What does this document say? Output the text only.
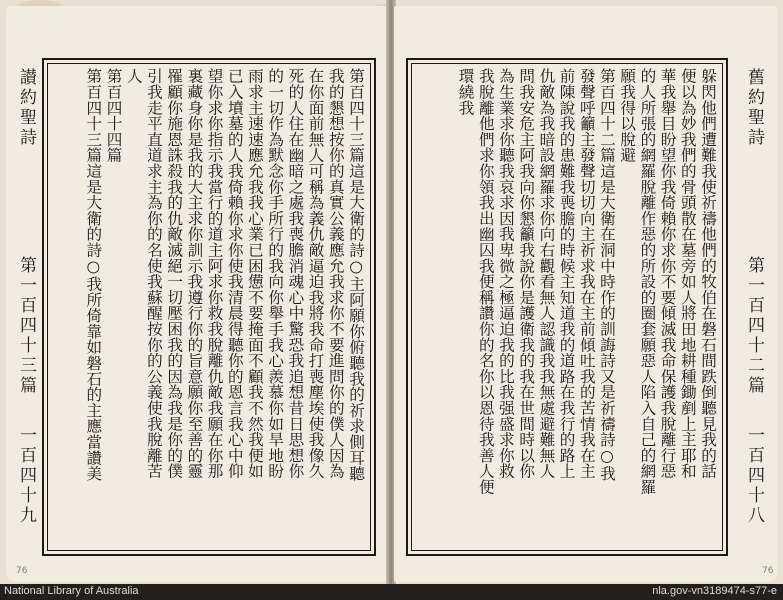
讃約聖詩
第一百四十三篇
一百四十九	第百四十三篇這是大衛的詩○主阿願你俯聽我的祈求側耳聽
我的懇想按你的真實公義應允我求你不要進問你的僕人因為
在你面前無人可稱為義仇敵逼迫我將我命打喪塵埃使我像久
死的人住在幽暗之處我喪膽消魂心中驚恐我追想昔日思想你
的一切作為默念你手所行的我向你舉手我心羨慕你如旱地盼
雨求主速速應允我我心業已困憊不要掩面不顧我不然我便如
已入墳墓的人我倚賴你求你使我清晨得聽你的恩言我心中仰
望你求你指示我當行的道主阿求你救我脫離仇敵我願在你那
裏藏身你是我的大主求你訓示我遵行你的旨意願你至善的靈
罹顧你施恩誅殺我的仇敵滅絕一切壓困我的因為我是你的僕
引我走平直道求主為你的名使我蘇醒按你的公義使我脫離苦
人
第百四十四篇
第百四十三篇這是大衛的詩○我所倚靠如磐石的主應當讚美
76
躲閃他們遭難我使祈禱他們的牧伯在磐石間跌倒聽見我的話
便以為妙我們的骨頭散在墓旁如人將田地耕種鋤剷上主耶和
華我舉目盼望你我倚賴你求你不要傾滅我命保護我脫離行惡
的人所張的網羅脫離作惡的所設的圈套願惡人陷入自己的網羅
願我得以脫避
第百四十二篇這是大衛在洞中時作的訓誨詩又是祈禱詩○我
發聲呼籲主發聲切切向主祈求我在主前傾吐我的苦情我在主
前陳說我的患難我喪膽的時候主知道我的道路在我行的路上
仇敵為我暗設網羅求你向右觀看無人認識我我無處避難無人
問我安危主阿我向你懇籲我說你是護衛我的我在世間時以你
為生業求你聽我哀求因我卑微之極逼迫我的比我强盛求你救
我脫離他們求你領我出幽囚我便稱讚你的名你以恩待我善人便
環繞我	舊約聖詩
第一百四十二篇
一百四十八
76
National Library of Australia	nla.gov-vn3189474-s77-e
